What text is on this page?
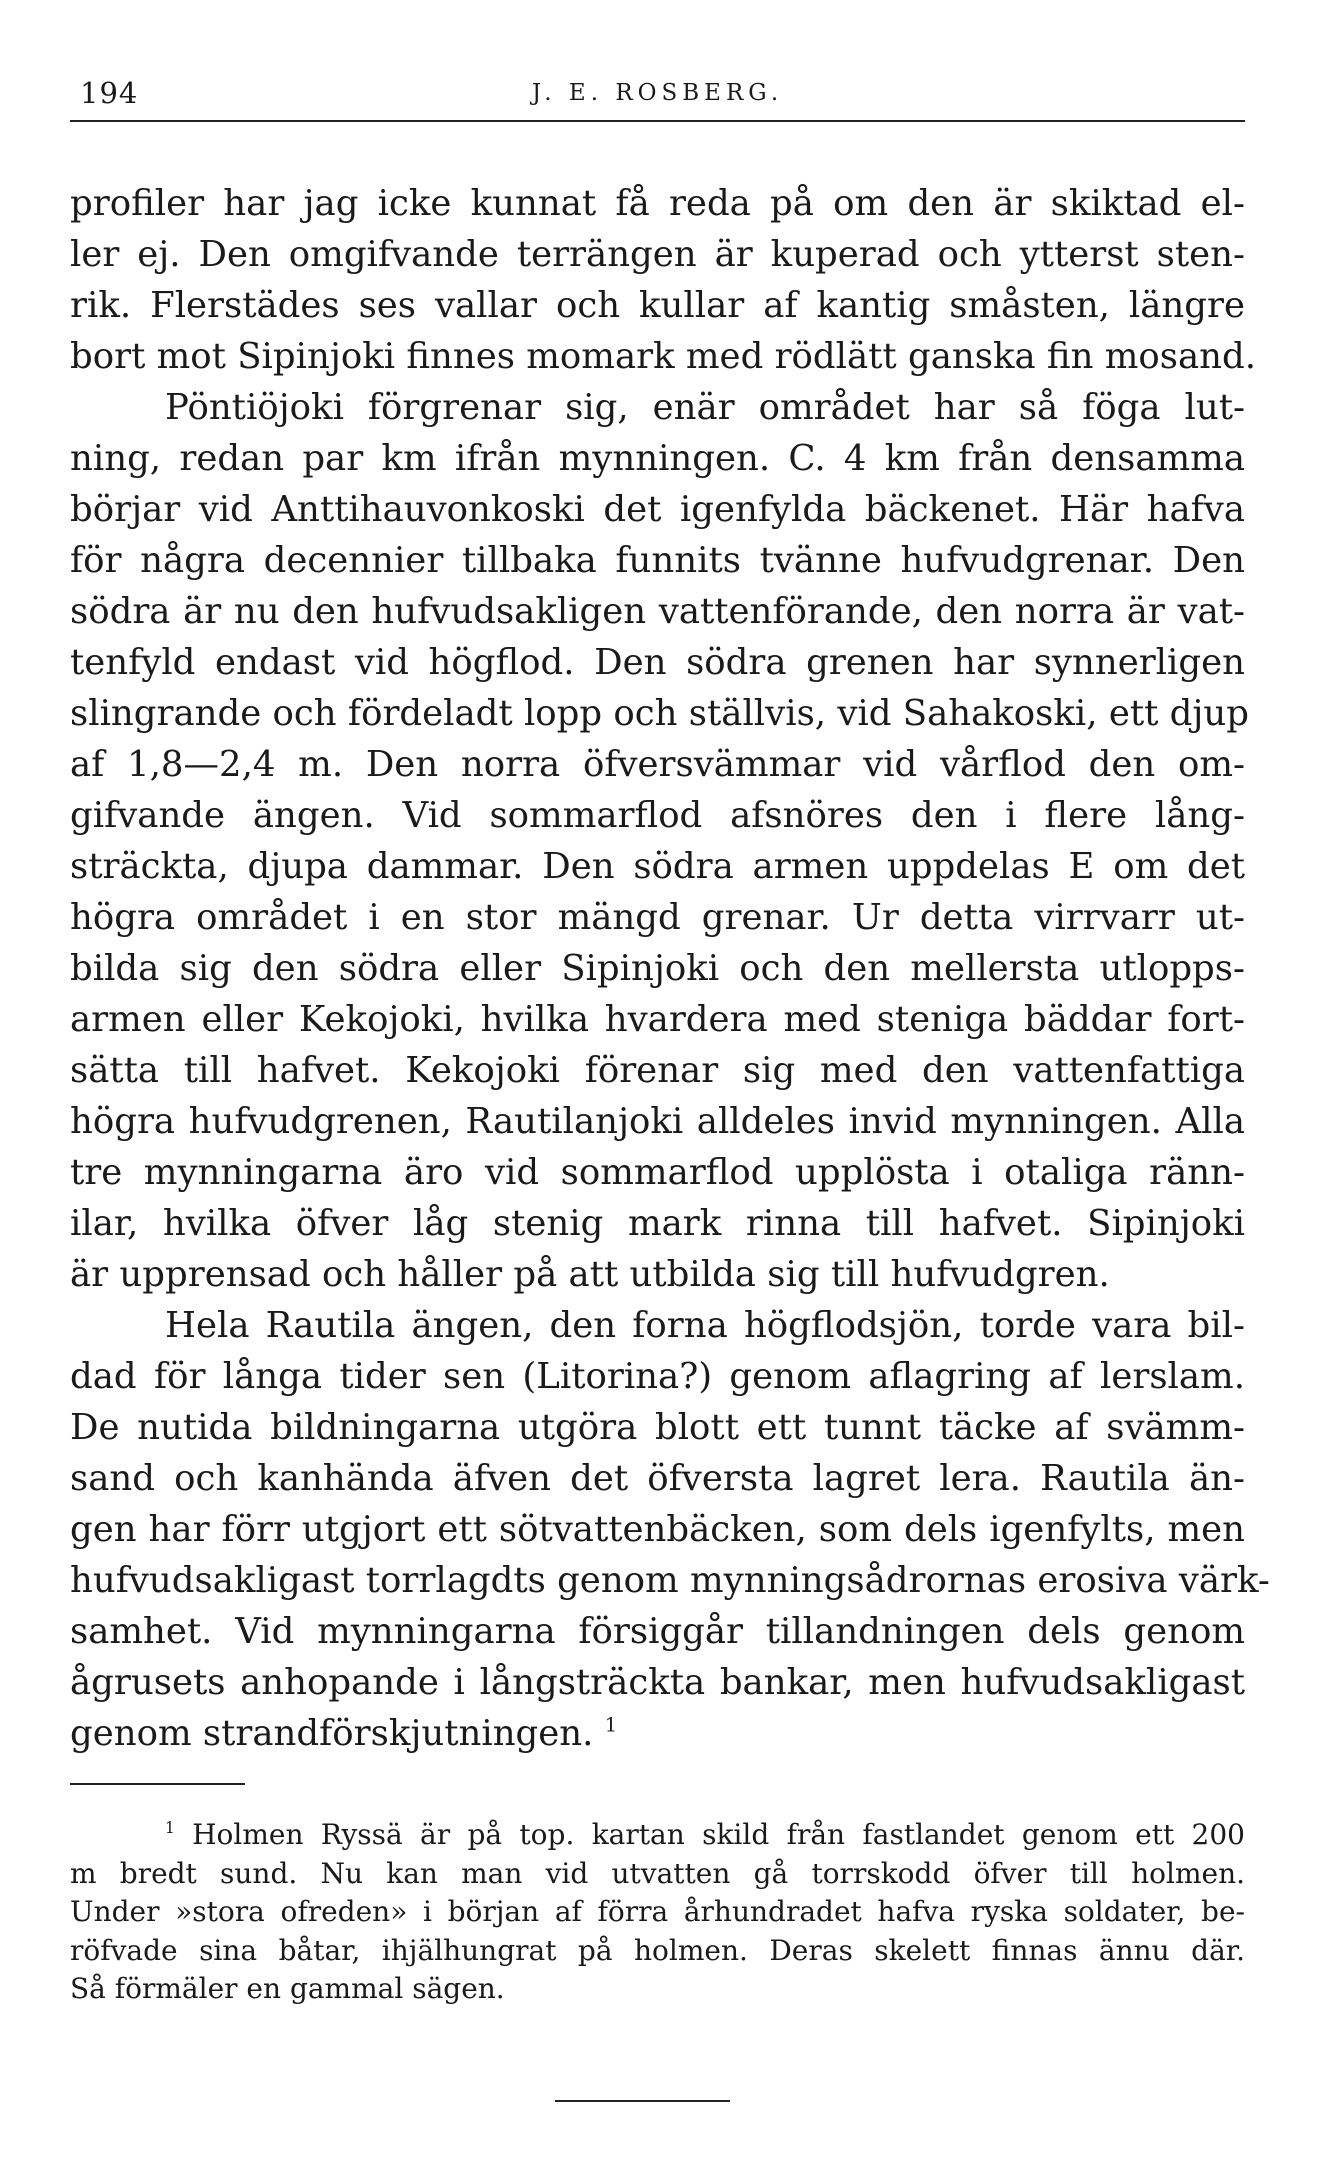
194	J. E. ROSBERG.
profiler har jag icke kunnat få reda på om den är skiktad el-
ler ej. Den omgifvande terrängen är kuperad och ytterst sten-
rik. Flerstädes ses vallar och kullar af kantig småsten, längre
bort mot Sipinjoki finnes momark med rödlätt ganska fin mosand.
Pöntiöjoki förgrenar sig, enär området har så föga lut-
ning, redan par km ifrån mynningen. C. 4 km från densamma
börjar vid Anttihauvonkoski det igenfylda bäckenet. Här hafva
för några decennier tillbaka funnits tvänne hufvudgrenar. Den
södra är nu den hufvudsakligen vattenförande, den norra är vat-
tenfyld endast vid högflod. Den södra grenen har synnerligen
slingrande och fördeladt lopp och ställvis, vid Sahakoski, ett djup
af 1,8—2,4 m. Den norra öfversvämmar vid vårflod den om-
gifvande ängen. Vid sommarflod afsnöres den i flere lång-
sträckta, djupa dammar. Den södra armen uppdelas E om det
högra området i en stor mängd grenar. Ur detta virrvarr ut-
bilda sig den södra eller Sipinjoki och den mellersta utlopps-
armen eller Kekojoki, hvilka hvardera med steniga bäddar fort-
sätta till hafvet. Kekojoki förenar sig med den vattenfattiga
högra hufvudgrenen, Rautilanjoki alldeles invid mynningen. Alla
tre mynningarna äro vid sommarflod upplösta i otaliga ränn-
ilar, hvilka öfver låg stenig mark rinna till hafvet. Sipinjoki
är upprensad och håller på att utbilda sig till hufvudgren.
Hela Rautila ängen, den forna högflodsjön, torde vara bil-
dad för långa tider sen (Litorina?) genom aflagring af lerslam.
De nutida bildningarna utgöra blott ett tunnt täcke af svämm-
sand och kanhända äfven det öfversta lagret lera. Rautila än-
gen har förr utgjort ett sötvattenbäcken, som dels igenfylts, men
hufvudsakligast torrlagdts genom mynningsådrornas erosiva värk-
samhet. Vid mynningarna försiggår tillandningen dels genom
ågrusets anhopande i långsträckta bankar, men hufvudsakligast
genom strandförskjutningen. $^1$
$^1$ Holmen Ryssä är på top. kartan skild från fastlandet genom ett 200
m bredt sund. Nu kan man vid utvatten gå torrskodd öfver till holmen.
Under »stora ofreden» i början af förra århundradet hafva ryska soldater, be-
röfvade sina båtar, ihjälhungrat på holmen. Deras skelett finnas ännu där.
Så förmäler en gammal sägen.
